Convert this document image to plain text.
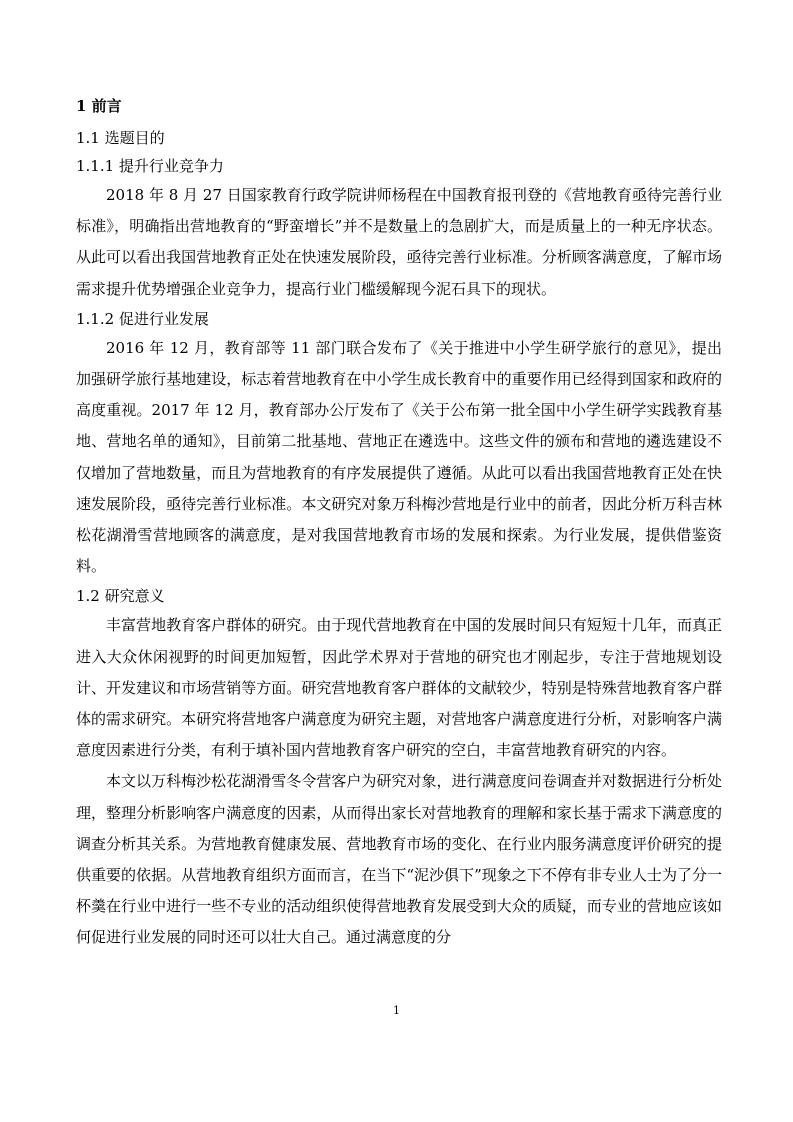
1 前言
1.1 选题目的
1.1.1 提升行业竞争力

2018 年 8 月 27 日国家教育行政学院讲师杨程在中国教育报刊登的《营地教育亟待完善行业标准》，明确指出营地教育的“野蛮增长”并不是数量上的急剧扩大，而是质量上的一种无序状态。从此可以看出我国营地教育正处在快速发展阶段，亟待完善行业标准。分析顾客满意度，了解市场需求提升优势增强企业竞争力，提高行业门槛缓解现今泥石具下的现状。

1.1.2 促进行业发展

2016 年 12 月，教育部等 11 部门联合发布了《关于推进中小学生研学旅行的意见》，提出加强研学旅行基地建设，标志着营地教育在中小学生成长教育中的重要作用已经得到国家和政府的高度重视。2017 年 12 月，教育部办公厅发布了《关于公布第一批全国中小学生研学实践教育基地、营地名单的通知》，目前第二批基地、营地正在遴选中。这些文件的颁布和营地的遴选建设不仅增加了营地数量，而且为营地教育的有序发展提供了遵循。从此可以看出我国营地教育正处在快速发展阶段，亟待完善行业标准。本文研究对象万科梅沙营地是行业中的前者，因此分析万科吉林松花湖滑雪营地顾客的满意度，是对我国营地教育市场的发展和探索。为行业发展，提供借鉴资料。

1.2 研究意义

丰富营地教育客户群体的研究。由于现代营地教育在中国的发展时间只有短短十几年，而真正进入大众休闲视野的时间更加短暂，因此学术界对于营地的研究也才刚起步，专注于营地规划设计、开发建议和市场营销等方面。研究营地教育客户群体的文献较少，特别是特殊营地教育客户群体的需求研究。本研究将营地客户满意度为研究主题，对营地客户满意度进行分析，对影响客户满意度因素进行分类，有利于填补国内营地教育客户研究的空白，丰富营地教育研究的内容。

本文以万科梅沙松花湖滑雪冬令营客户为研究对象，进行满意度问卷调查并对数据进行分析处理，整理分析影响客户满意度的因素，从而得出家长对营地教育的理解和家长基于需求下满意度的调查分析其关系。为营地教育健康发展、营地教育市场的变化、在行业内服务满意度评价研究的提供重要的依据。从营地教育组织方面而言，在当下“泥沙俱下”现象之下不停有非专业人士为了分一杯羹在行业中进行一些不专业的活动组织使得营地教育发展受到大众的质疑，而专业的营地应该如何促进行业发展的同时还可以壮大自己。通过满意度的分

1
